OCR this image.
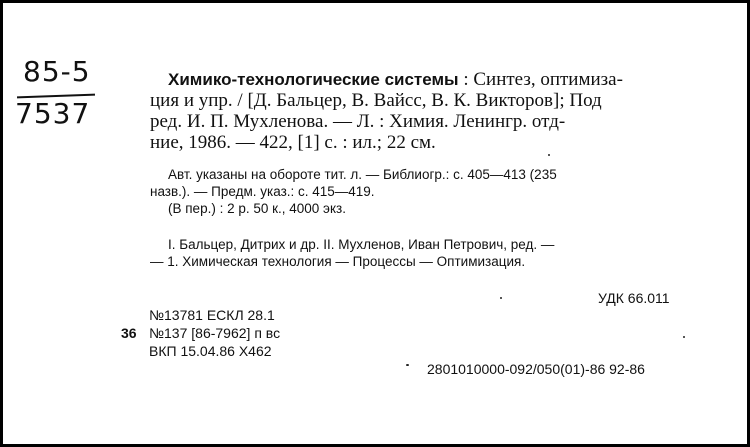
85-5
7537
Химико-технологические системы : Синтез, оптимиза-
ция и упр. / [Д. Бальцер, В. Вайсс, В. К. Викторов]; Под
ред. И. П. Мухленова. — Л. : Химия. Ленингр. отд-
ние, 1986. — 422, [1] с. : ил.; 22 см.
Авт. указаны на обороте тит. л. — Библиогр.: с. 405—413 (235
назв.). — Предм. указ.: с. 415—419.
(В пер.) : 2 р. 50 к., 4000 экз.
I. Бальцер, Дитрих и др. II. Мухленов, Иван Петрович, ред. —
— 1. Химическая технология — Процессы — Оптимизация.
УДК 66.011
№13781 ЕСКЛ 28.1
36 №137 [86-7962] п вс
ВКП 15.04.86 Х462
2801010000-092/050(01)-86 92-86
